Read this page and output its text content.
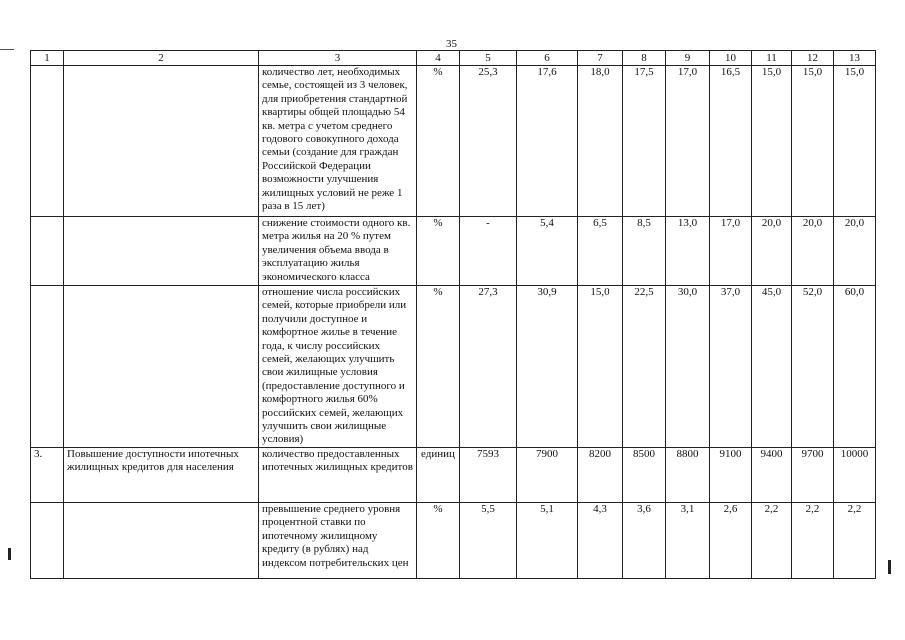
35
1	2	3	4	5	6	7	8	9	10	11	12	13
		количество лет, необходимых семье, состоящей из 3 человек, для приобретения стандартной квартиры общей площадью 54 кв. метра с учетом среднего годового совокупного дохода семьи (создание для граждан Российской Федерации возможности улучшения жилищных условий не реже 1 раза в 15 лет)	%	25,3	17,6	18,0	17,5	17,0	16,5	15,0	15,0	15,0
		снижение стоимости одного кв. метра жилья на 20 % путем увеличения объема ввода в эксплуатацию жилья экономического класса	%	-	5,4	6,5	8,5	13,0	17,0	20,0	20,0	20,0
		отношение числа российских семей, которые приобрели или получили доступное и комфортное жилье в течение года, к числу российских семей, желающих улучшить свои жилищные условия (предоставление доступного и комфортного жилья 60% российских семей, желающих улучшить свои жилищные условия)	%	27,3	30,9	15,0	22,5	30,0	37,0	45,0	52,0	60,0
3.	Повышение доступности ипотечных жилищных кредитов для населения	количество предоставленных ипотечных жилищных кредитов	единиц	7593	7900	8200	8500	8800	9100	9400	9700	10000
		превышение среднего уровня процентной ставки по ипотечному жилищному кредиту (в рублях) над индексом потребительских цен	%	5,5	5,1	4,3	3,6	3,1	2,6	2,2	2,2	2,2
